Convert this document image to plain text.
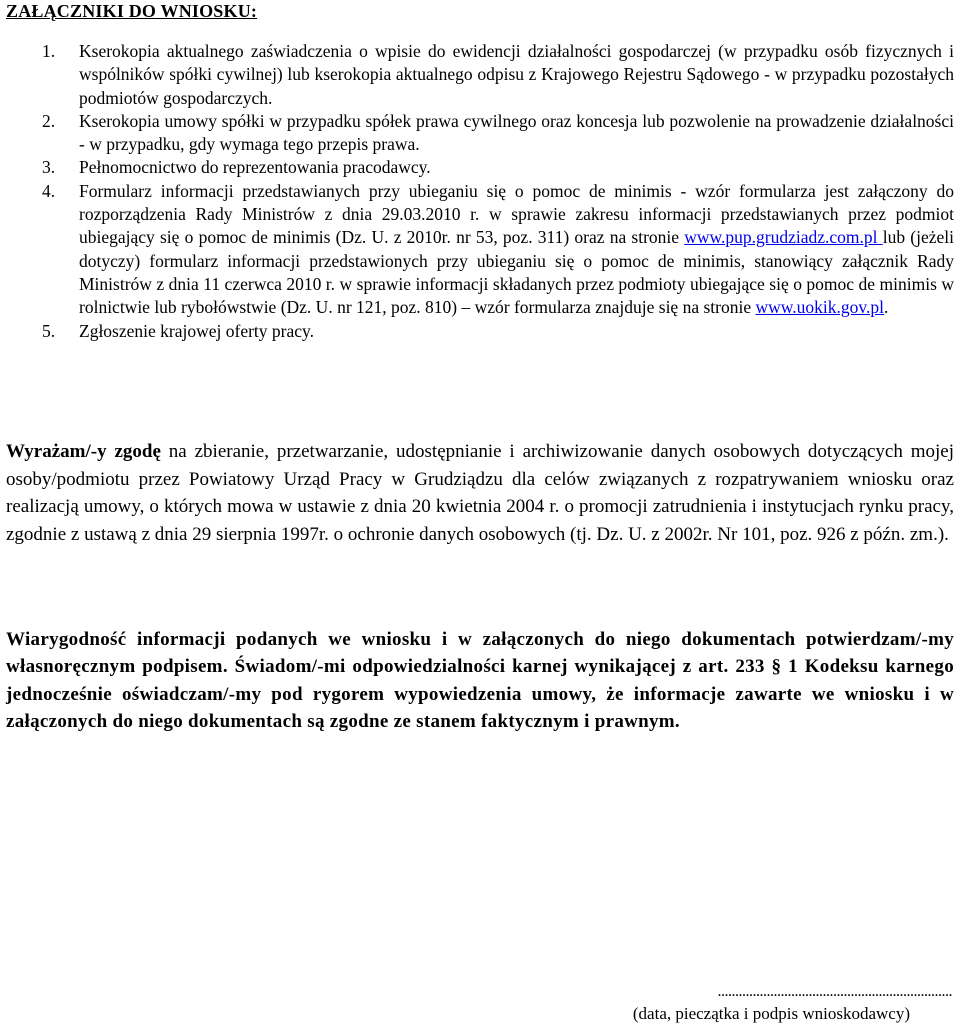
ZAŁĄCZNIKI DO WNIOSKU:
1. Kserokopia aktualnego zaświadczenia o wpisie do ewidencji działalności gospodarczej (w przypadku osób fizycznych i wspólników spółki cywilnej) lub kserokopia aktualnego odpisu z Krajowego Rejestru Sądowego - w przypadku pozostałych podmiotów gospodarczych.
2. Kserokopia umowy spółki w przypadku spółek prawa cywilnego oraz koncesja lub pozwolenie na prowadzenie działalności - w przypadku, gdy wymaga tego przepis prawa.
3. Pełnomocnictwo do reprezentowania pracodawcy.
4. Formularz informacji przedstawianych przy ubieganiu się o pomoc de minimis - wzór formularza jest załączony do rozporządzenia Rady Ministrów z dnia 29.03.2010 r. w sprawie zakresu informacji przedstawianych przez podmiot ubiegający się o pomoc de minimis (Dz. U. z 2010r. nr 53, poz. 311) oraz na stronie www.pup.grudziadz.com.pl lub (jeżeli dotyczy) formularz informacji przedstawionych przy ubieganiu się o pomoc de minimis, stanowiący załącznik Rady Ministrów z dnia 11 czerwca 2010 r. w sprawie informacji składanych przez podmioty ubiegające się o pomoc de minimis w rolnictwie lub rybołówstwie (Dz. U. nr 121, poz. 810) – wzór formularza znajduje się na stronie www.uokik.gov.pl.
5. Zgłoszenie krajowej oferty pracy.
Wyrażam/-y zgodę na zbieranie, przetwarzanie, udostępnianie i archiwizowanie danych osobowych dotyczących mojej osoby/podmiotu przez Powiatowy Urząd Pracy w Grudziądzu dla celów związanych z rozpatrywaniem wniosku oraz realizacją umowy, o których mowa w ustawie z dnia 20 kwietnia 2004 r. o promocji zatrudnienia i instytucjach rynku pracy, zgodnie z ustawą z dnia 29 sierpnia 1997r. o ochronie danych osobowych (tj. Dz. U. z 2002r. Nr 101, poz. 926 z późn. zm.).
Wiarygodność informacji podanych we wniosku i w załączonych do niego dokumentach potwierdzam/-my własnoręcznym podpisem. Świadom/-mi odpowiedzialności karnej wynikającej z art. 233 § 1 Kodeksu karnego jednocześnie oświadczam/-my pod rygorem wypowiedzenia umowy, że informacje zawarte we wniosku i w załączonych do niego dokumentach są zgodne ze stanem faktycznym i prawnym.
...................................................................
(data, pieczątka i podpis wnioskodawcy)
